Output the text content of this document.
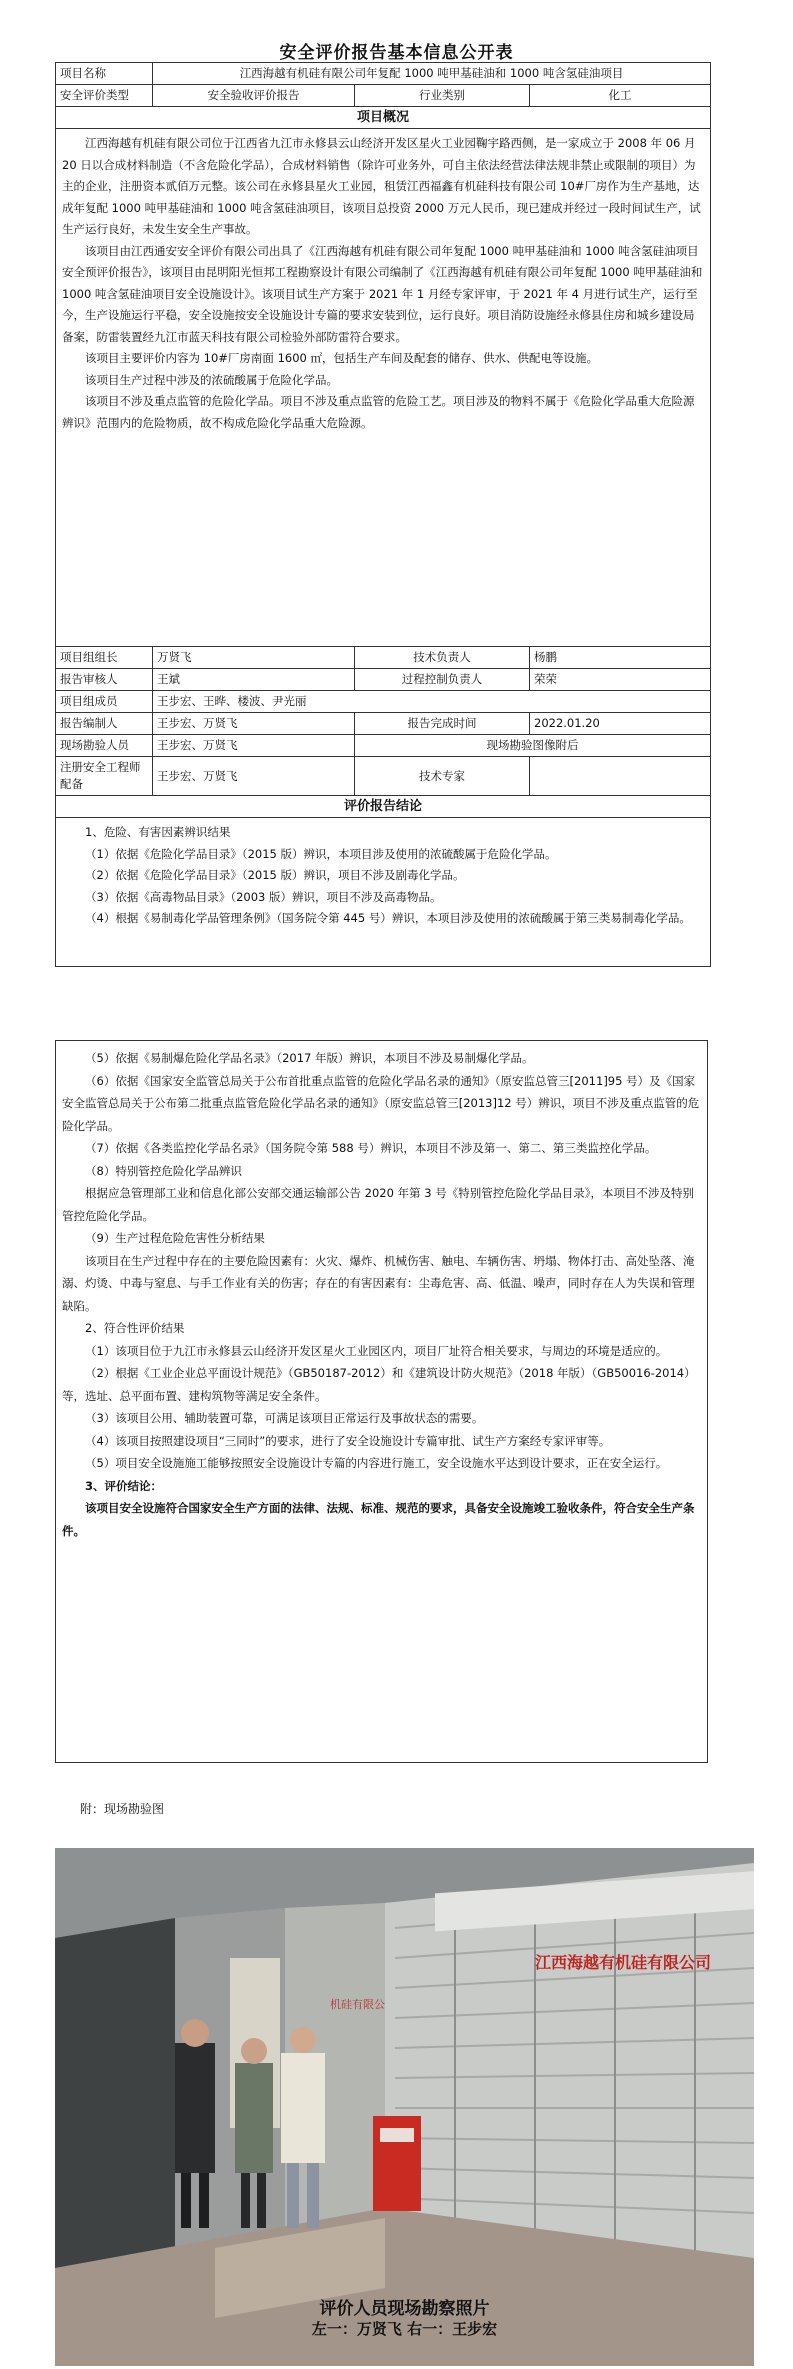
安全评价报告基本信息公开表
项目名称	江西海越有机硅有限公司年复配 1000 吨甲基硅油和 1000 吨含氢硅油项目		
安全评价类型	安全验收评价报告	行业类别	化工
项目概况			

江西海越有机硅有限公司位于江西省九江市永修县云山经济开发区星火工业园鞠宇路西侧，是一家成立于 2008 年 06 月 20 日以合成材料制造（不含危险化学品），合成材料销售（除许可业务外，可自主依法经营法律法规非禁止或限制的项目）为主的企业，注册资本贰佰万元整。该公司在永修县星火工业园，租赁江西福鑫有机硅科技有限公司 10#厂房作为生产基地，达成年复配 1000 吨甲基硅油和 1000 吨含氢硅油项目，该项目总投资 2000 万元人民币，现已建成并经过一段时间试生产，试生产运行良好，未发生安全生产事故。

该项目由江西通安安全评价有限公司出具了《江西海越有机硅有限公司年复配 1000 吨甲基硅油和 1000 吨含氢硅油项目安全预评价报告》，该项目由昆明阳光恒邦工程勘察设计有限公司编制了《江西海越有机硅有限公司年复配 1000 吨甲基硅油和 1000 吨含氢硅油项目安全设施设计》。该项目试生产方案于 2021 年 1 月经专家评审，于 2021 年 4 月进行试生产，运行至今，生产设施运行平稳，安全设施按安全设施设计专篇的要求安装到位，运行良好。项目消防设施经永修县住房和城乡建设局备案，防雷装置经九江市蓝天科技有限公司检验外部防雷符合要求。

该项目主要评价内容为 10#厂房南面 1600 ㎡，包括生产车间及配套的储存、供水、供配电等设施。

该项目生产过程中涉及的浓硫酸属于危险化学品。

该项目不涉及重点监管的危险化学品。项目不涉及重点监管的危险工艺。项目涉及的物料不属于《危险化学品重大危险源辨识》范围内的危险物质，故不构成危险化学品重大危险源。			

项目组组长	万贤飞	技术负责人	杨鹏
报告审核人	王斌	过程控制负责人	荣荣
项目组成员	王步宏、王晔、楼波、尹光丽		
报告编制人	王步宏、万贤飞	报告完成时间	2022.01.20
现场勘验人员	王步宏、万贤飞	现场勘验图像附后	
注册安全工程师配备	王步宏、万贤飞	技术专家	
评价报告结论			

1、危险、有害因素辨识结果

（1）依据《危险化学品目录》（2015 版）辨识，本项目涉及使用的浓硫酸属于危险化学品。

（2）依据《危险化学品目录》（2015 版）辨识，项目不涉及剧毒化学品。

（3）依据《高毒物品目录》（2003 版）辨识，项目不涉及高毒物品。

（4）根据《易制毒化学品管理条例》（国务院令第 445 号）辨识，本项目涉及使用的浓硫酸属于第三类易制毒化学品。			

（5）依据《易制爆危险化学品名录》（2017 年版）辨识，本项目不涉及易制爆化学品。

（6）依据《国家安全监管总局关于公布首批重点监管的危险化学品名录的通知》（原安监总管三[2011]95 号）及《国家安全监管总局关于公布第二批重点监管危险化学品名录的通知》（原安监总管三[2013]12 号）辨识，项目不涉及重点监管的危险化学品。

（7）依据《各类监控化学品名录》（国务院令第 588 号）辨识，本项目不涉及第一、第二、第三类监控化学品。

（8）特别管控危险化学品辨识

根据应急管理部工业和信息化部公安部交通运输部公告 2020 年第 3 号《特别管控危险化学品目录》，本项目不涉及特别管控危险化学品。

（9）生产过程危险危害性分析结果

该项目在生产过程中存在的主要危险因素有：火灾、爆炸、机械伤害、触电、车辆伤害、坍塌、物体打击、高处坠落、淹溺、灼烫、中毒与窒息、与手工作业有关的伤害；存在的有害因素有：尘毒危害、高、低温、噪声，同时存在人为失误和管理缺陷。

2、符合性评价结果

（1）该项目位于九江市永修县云山经济开发区星火工业园区内，项目厂址符合相关要求，与周边的环境是适应的。

（2）根据《工业企业总平面设计规范》（GB50187-2012）和《建筑设计防火规范》（2018 年版）（GB50016-2014）等，选址、总平面布置、建构筑物等满足安全条件。

（3）该项目公用、辅助装置可靠，可满足该项目正常运行及事故状态的需要。

（4）该项目按照建设项目“三同时”的要求，进行了安全设施设计专篇审批、试生产方案经专家评审等。

（5）项目安全设施施工能够按照安全设施设计专篇的内容进行施工，安全设施水平达到设计要求，正在安全运行。

3、评价结论：

该项目安全设施符合国家安全生产方面的法律、法规、标准、规范的要求，具备安全设施竣工验收条件，符合安全生产条件。

附：现场勘验图
江西海越有机硅有限公司
机硅有限公
评价人员现场勘察照片
左一：万贤飞 右一：王步宏
